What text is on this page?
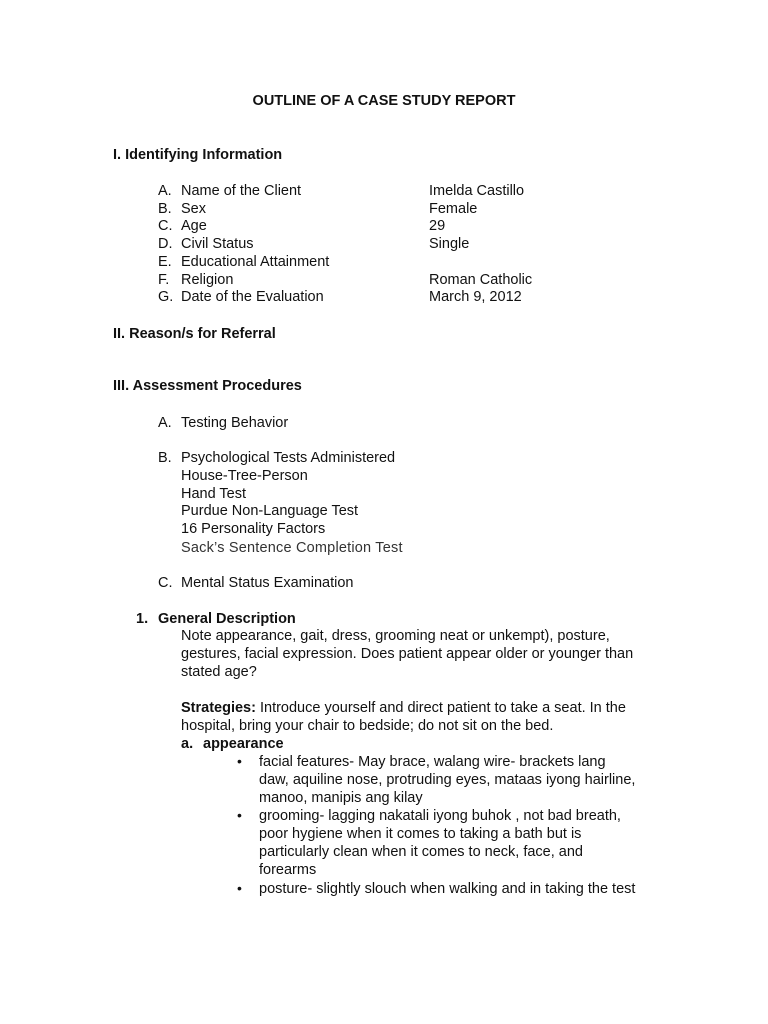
OUTLINE OF A CASE STUDY REPORT
I. Identifying Information
A. Name of the Client	Imelda Castillo
B. Sex	Female
C. Age	29
D. Civil Status	Single
E. Educational Attainment
F. Religion	Roman Catholic
G. Date of the Evaluation	March 9, 2012
II. Reason/s for Referral
III. Assessment Procedures
A. Testing Behavior
B. Psychological Tests Administered
House-Tree-Person
Hand Test
Purdue Non-Language Test
16 Personality Factors
Sack’s Sentence Completion Test
C. Mental Status Examination
1. General Description
Note appearance, gait, dress, grooming neat or unkempt), posture,
gestures, facial expression. Does patient appear older or younger than
stated age?
Strategies: Introduce yourself and direct patient to take a seat. In the
hospital, bring your chair to bedside; do not sit on the bed.
a. appearance
• facial features- May brace, walang wire- brackets lang
daw, aquiline nose, protruding eyes, mataas iyong hairline,
manoo, manipis ang kilay
• grooming- lagging nakatali iyong buhok , not bad breath,
poor hygiene when it comes to taking a bath but is
particularly clean when it comes to neck, face, and
forearms
• posture- slightly slouch when walking and in taking the test
